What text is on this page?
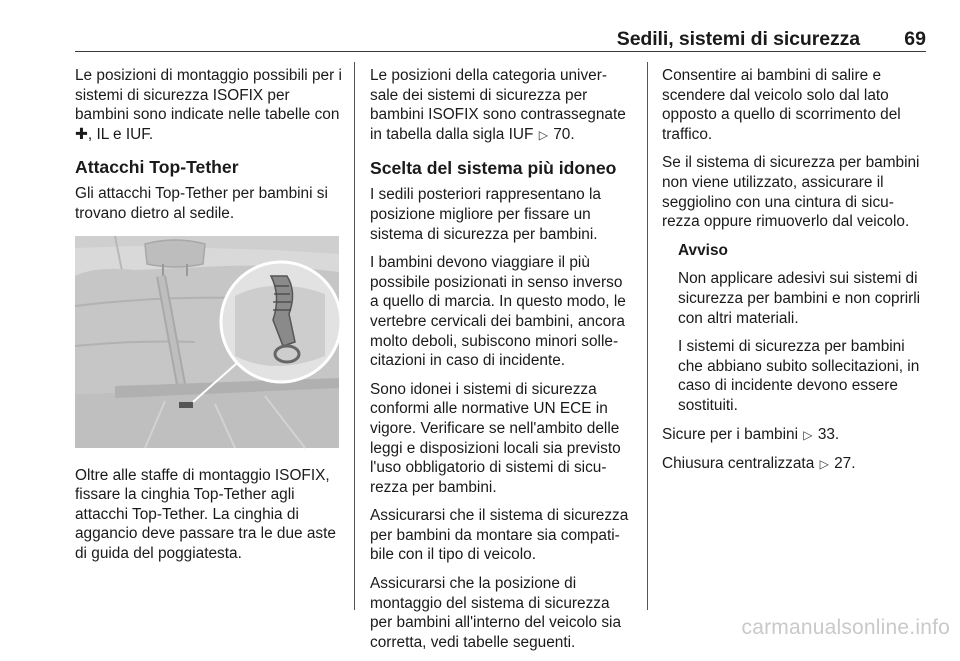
Sedili, sistemi di sicurezza 69

Le posizioni di montaggio possibili per i sistemi di sicurezza ISOFIX per bambini sono indicate nelle tabelle con ✚, IL e IUF.

Attacchi Top-Tether

Gli attacchi Top-Tether per bambini si trovano dietro al sedile.

Oltre alle staffe di montaggio ISOFIX, fissare la cinghia Top-Tether agli attacchi Top-Tether. La cinghia di aggancio deve passare tra le due aste di guida del poggiatesta.

Le posizioni della categoria univer-sale dei sistemi di sicurezza per bambini ISOFIX sono contrassegnate in tabella dalla sigla IUF ▷ 70.

Scelta del sistema più idoneo

I sedili posteriori rappresentano la posizione migliore per fissare un sistema di sicurezza per bambini.

I bambini devono viaggiare il più possibile posizionati in senso inverso a quello di marcia. In questo modo, le vertebre cervicali dei bambini, ancora molto deboli, subiscono minori solle-citazioni in caso di incidente.

Sono idonei i sistemi di sicurezza conformi alle normative UN ECE in vigore. Verificare se nell'ambito delle leggi e disposizioni locali sia previsto l'uso obbligatorio di sistemi di sicu-rezza per bambini.

Assicurarsi che il sistema di sicurezza per bambini da montare sia compati-bile con il tipo di veicolo.

Assicurarsi che la posizione di montaggio del sistema di sicurezza per bambini all'interno del veicolo sia corretta, vedi tabelle seguenti.

Consentire ai bambini di salire e scendere dal veicolo solo dal lato opposto a quello di scorrimento del traffico.

Se il sistema di sicurezza per bambini non viene utilizzato, assicurare il seggiolino con una cintura di sicu-rezza oppure rimuoverlo dal veicolo.

Avviso

Non applicare adesivi sui sistemi di sicurezza per bambini e non coprirli con altri materiali.

I sistemi di sicurezza per bambini che abbiano subito sollecitazioni, in caso di incidente devono essere sostituiti.

Sicure per i bambini ▷ 33.

Chiusura centralizzata ▷ 27.

carmanualsonline.info
